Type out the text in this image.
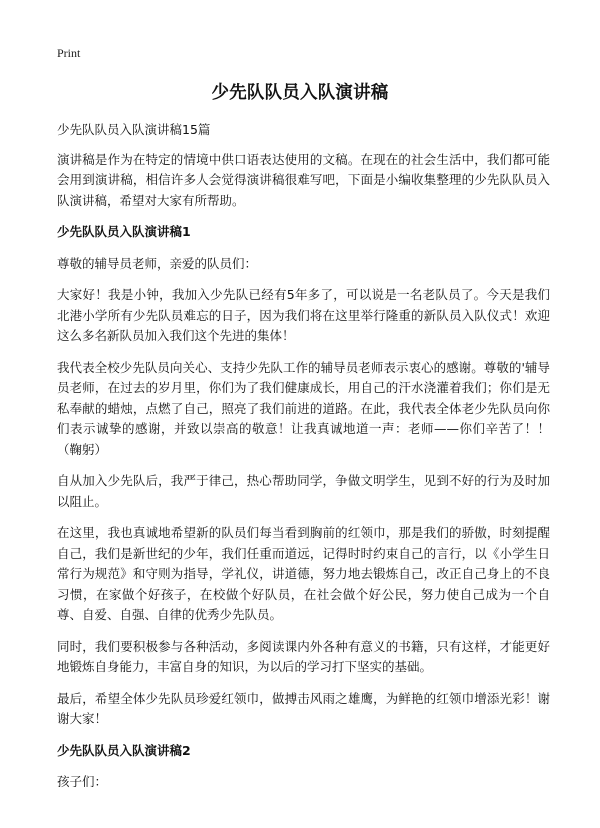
Print
少先队队员入队演讲稿

少先队队员入队演讲稿15篇

演讲稿是作为在特定的情境中供口语表达使用的文稿。在现在的社会生活中，我们都可能会用到演讲稿，相信许多人会觉得演讲稿很难写吧，下面是小编收集整理的少先队队员入队演讲稿，希望对大家有所帮助。

少先队队员入队演讲稿1

尊敬的辅导员老师，亲爱的队员们：

大家好！我是小钟，我加入少先队已经有5年多了，可以说是一名老队员了。今天是我们北港小学所有少先队员难忘的日子，因为我们将在这里举行隆重的新队员入队仪式！欢迎这么多名新队员加入我们这个先进的集体！

我代表全校少先队员向关心、支持少先队工作的辅导员老师表示衷心的感谢。尊敬的'辅导员老师，在过去的岁月里，你们为了我们健康成长，用自己的汗水浇灌着我们；你们是无私奉献的蜡烛，点燃了自己，照亮了我们前进的道路。在此，我代表全体老少先队员向你们表示诚挚的感谢，并致以崇高的敬意！让我真诚地道一声：老师——你们辛苦了！！（鞠躬）

自从加入少先队后，我严于律己，热心帮助同学，争做文明学生，见到不好的行为及时加以阻止。

在这里，我也真诚地希望新的队员们每当看到胸前的红领巾，那是我们的骄傲，时刻提醒自己，我们是新世纪的少年，我们任重而道远，记得时时约束自己的言行，以《小学生日常行为规范》和守则为指导，学礼仪，讲道德，努力地去锻炼自己，改正自己身上的不良习惯，在家做个好孩子，在校做个好队员，在社会做个好公民，努力使自己成为一个自尊、自爱、自强、自律的优秀少先队员。

同时，我们要积极参与各种活动，多阅读课内外各种有意义的书籍，只有这样，才能更好地锻炼自身能力，丰富自身的知识，为以后的学习打下坚实的基础。

最后，希望全体少先队员珍爱红领巾，做搏击风雨之雄鹰，为鲜艳的红领巾增添光彩！谢谢大家！

少先队队员入队演讲稿2

孩子们：
